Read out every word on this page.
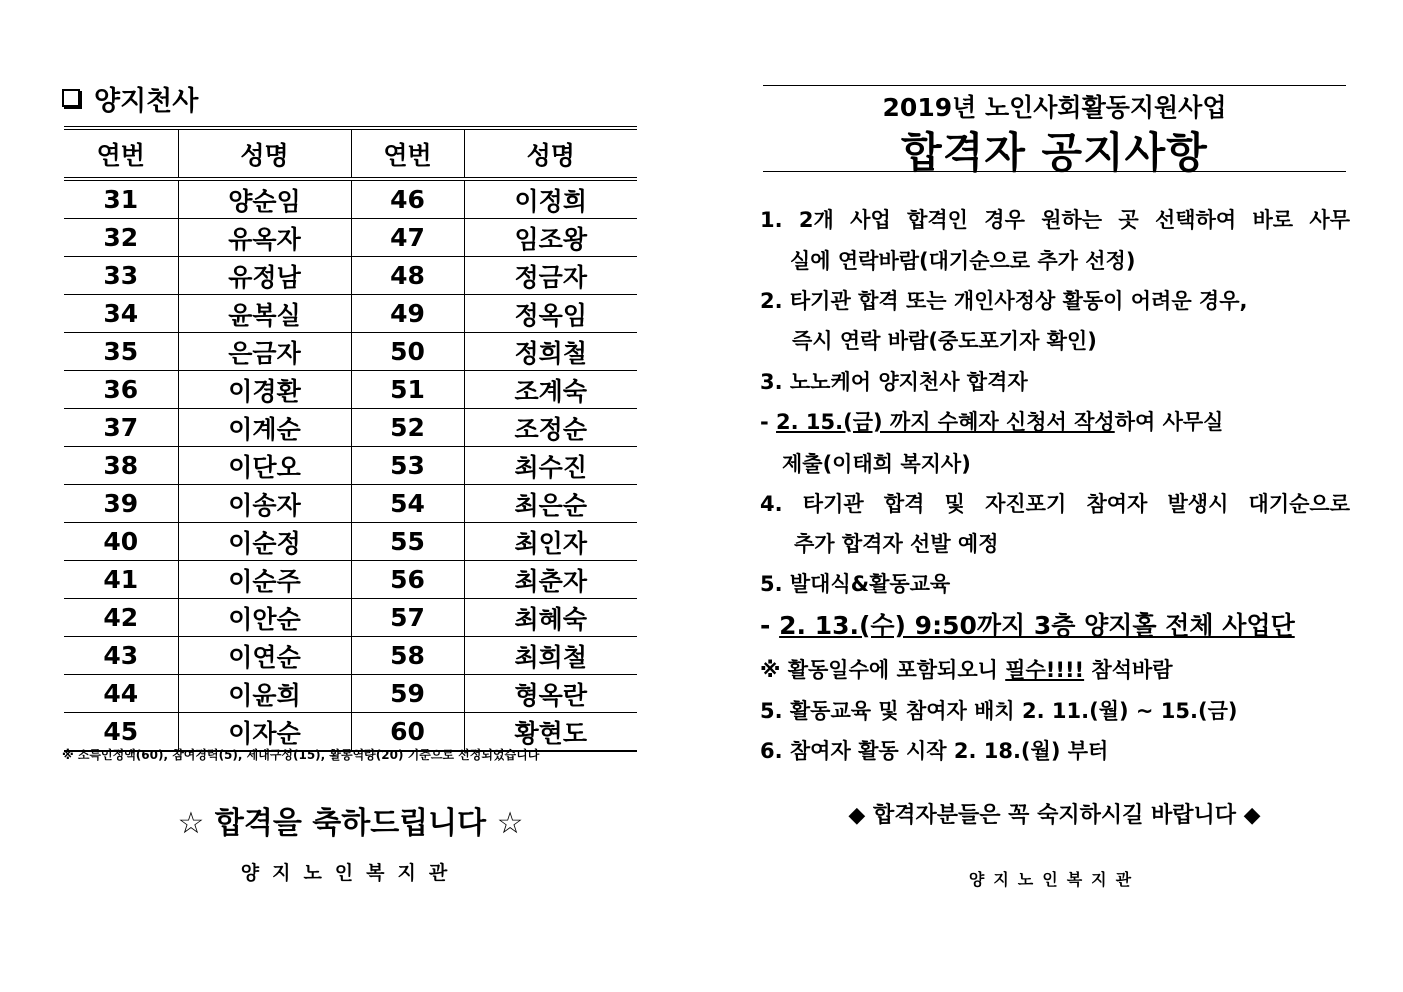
양지천사
연번	성명	연번	성명
31	양순임	46	이정희
32	유옥자	47	임조왕
33	유정남	48	정금자
34	윤복실	49	정옥임
35	은금자	50	정희철
36	이경환	51	조계숙
37	이계순	52	조정순
38	이단오	53	최수진
39	이송자	54	최은순
40	이순정	55	최인자
41	이순주	56	최춘자
42	이안순	57	최혜숙
43	이연순	58	최희철
44	이윤희	59	형옥란
45	이자순	60	황현도
※ 소득인정액(60), 참여경력(5), 세대구성(15), 활동역량(20) 기준으로 선정되었습니다
☆ 합격을 축하드립니다 ☆
양지노인복지관
2019년 노인사회활동지원사업
합격자 공지사항
1. 2개 사업 합격인 경우 원하는 곳 선택하여 바로 사무
실에 연락바람(대기순으로 추가 선정)
2. 타기관 합격 또는 개인사정상 활동이 어려운 경우,
즉시 연락 바람(중도포기자 확인)
3. 노노케어 양지천사 합격자
- 2. 15.(금) 까지 수혜자 신청서 작성하여 사무실
제출(이태희 복지사)
4. 타기관 합격 및 자진포기 참여자 발생시 대기순으로
추가 합격자 선발 예정
5. 발대식&활동교육
- 2. 13.(수) 9:50까지 3층 양지홀 전체 사업단
※ 활동일수에 포함되오니 필수!!!! 참석바람
5. 활동교육 및 참여자 배치 2. 11.(월) ~ 15.(금)
6. 참여자 활동 시작 2. 18.(월) 부터
◆ 합격자분들은 꼭 숙지하시길 바랍니다 ◆
양지노인복지관
